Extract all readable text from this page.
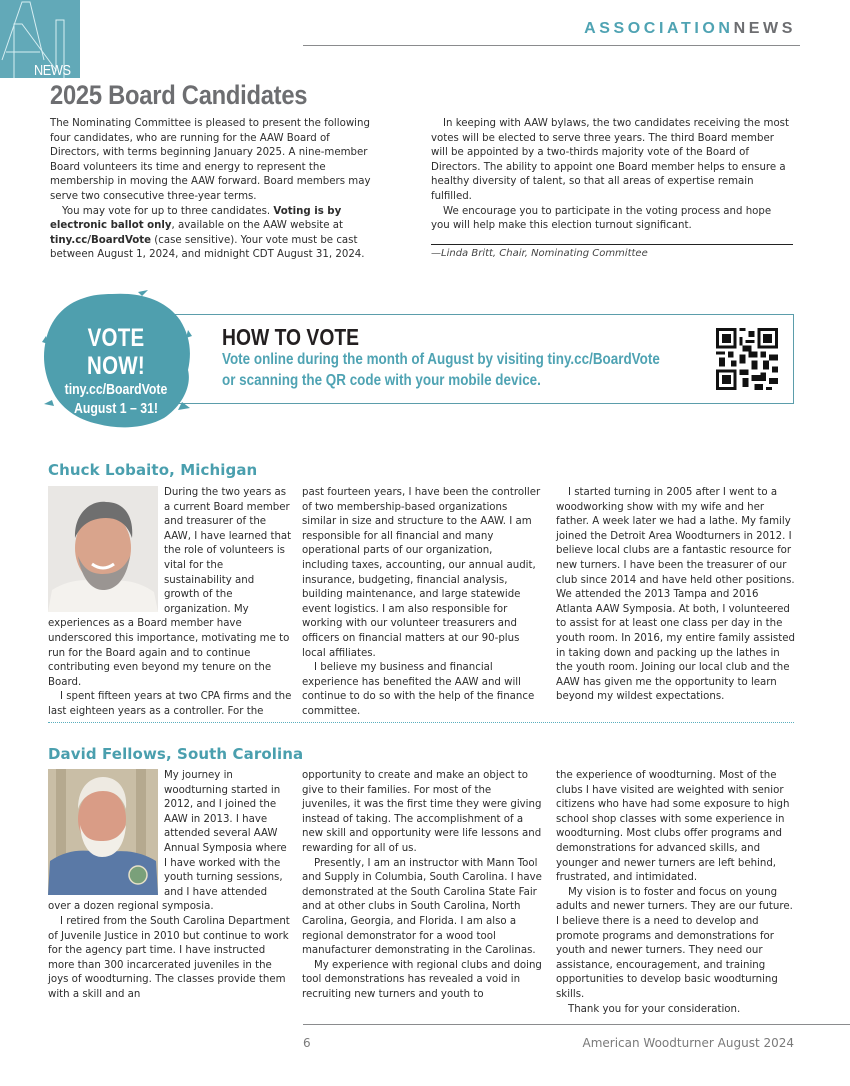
NEWS
ASSOCIATIONNEWS
2025 Board Candidates

The Nominating Committee is pleased to present the following four candidates, who are running for the AAW Board of Directors, with terms beginning January 2025. A nine-member Board volunteers its time and energy to represent the membership in moving the AAW forward. Board members may serve two consecutive three-year terms.

You may vote for up to three candidates. Voting is by electronic ballot only, available on the AAW website at tiny.cc/BoardVote (case sensitive). Your vote must be cast between August 1, 2024, and midnight CDT August 31, 2024.

In keeping with AAW bylaws, the two candidates receiving the most votes will be elected to serve three years. The third Board member will be appointed by a two-thirds majority vote of the Board of Directors. The ability to appoint one Board member helps to ensure a healthy diversity of talent, so that all areas of expertise remain fulfilled.

We encourage you to participate in the voting process and hope you will help make this election turnout significant.

—Linda Britt, Chair, Nominating Committee
VOTE NOW!
tiny.cc/BoardVote
August 1 – 31!
HOW TO VOTE
Vote online during the month of August by visiting tiny.cc/BoardVote
or scanning the QR code with your mobile device.
Chuck Lobaito, Michigan

During the two years as a current Board member and treasurer of the AAW, I have learned that the role of volunteers is vital for the sustainability and growth of the organization. My experiences as a Board member have underscored this importance, motivating me to run for the Board again and to continue contributing even beyond my tenure on the Board.

I spent fifteen years at two CPA firms and the last eighteen years as a controller. For the

past fourteen years, I have been the controller of two membership-based organizations similar in size and structure to the AAW. I am responsible for all financial and many operational parts of our organization, including taxes, accounting, our annual audit, insurance, budgeting, financial analysis, building maintenance, and large statewide event logistics. I am also responsible for working with our volunteer treasurers and officers on financial matters at our 90-plus local affiliates.

I believe my business and financial experience has benefited the AAW and will continue to do so with the help of the finance committee.

I started turning in 2005 after I went to a woodworking show with my wife and her father. A week later we had a lathe. My family joined the Detroit Area Woodturners in 2012. I believe local clubs are a fantastic resource for new turners. I have been the treasurer of our club since 2014 and have held other positions. We attended the 2013 Tampa and 2016 Atlanta AAW Symposia. At both, I volunteered to assist for at least one class per day in the youth room. In 2016, my entire family assisted in taking down and packing up the lathes in the youth room. Joining our local club and the AAW has given me the opportunity to learn beyond my wildest expectations.

David Fellows, South Carolina

My journey in woodturning started in 2012, and I joined the AAW in 2013. I have attended several AAW Annual Symposia where I have worked with the youth turning sessions, and I have attended over a dozen regional symposia.

I retired from the South Carolina Department of Juvenile Justice in 2010 but continue to work for the agency part time. I have instructed more than 300 incarcerated juveniles in the joys of woodturning. The classes provide them with a skill and an

opportunity to create and make an object to give to their families. For most of the juveniles, it was the first time they were giving instead of taking. The accomplishment of a new skill and opportunity were life lessons and rewarding for all of us.

Presently, I am an instructor with Mann Tool and Supply in Columbia, South Carolina. I have demonstrated at the South Carolina State Fair and at other clubs in South Carolina, North Carolina, Georgia, and Florida. I am also a regional demonstrator for a wood tool manufacturer demonstrating in the Carolinas.

My experience with regional clubs and doing tool demonstrations has revealed a void in recruiting new turners and youth to

the experience of woodturning. Most of the clubs I have visited are weighted with senior citizens who have had some exposure to high school shop classes with some experience in woodturning. Most clubs offer programs and demonstrations for advanced skills, and younger and newer turners are left behind, frustrated, and intimidated.

My vision is to foster and focus on young adults and newer turners. They are our future. I believe there is a need to develop and promote programs and demonstrations for youth and newer turners. They need our assistance, encouragement, and training opportunities to develop basic woodturning skills.

Thank you for your consideration.

6	American Woodturner August 2024
